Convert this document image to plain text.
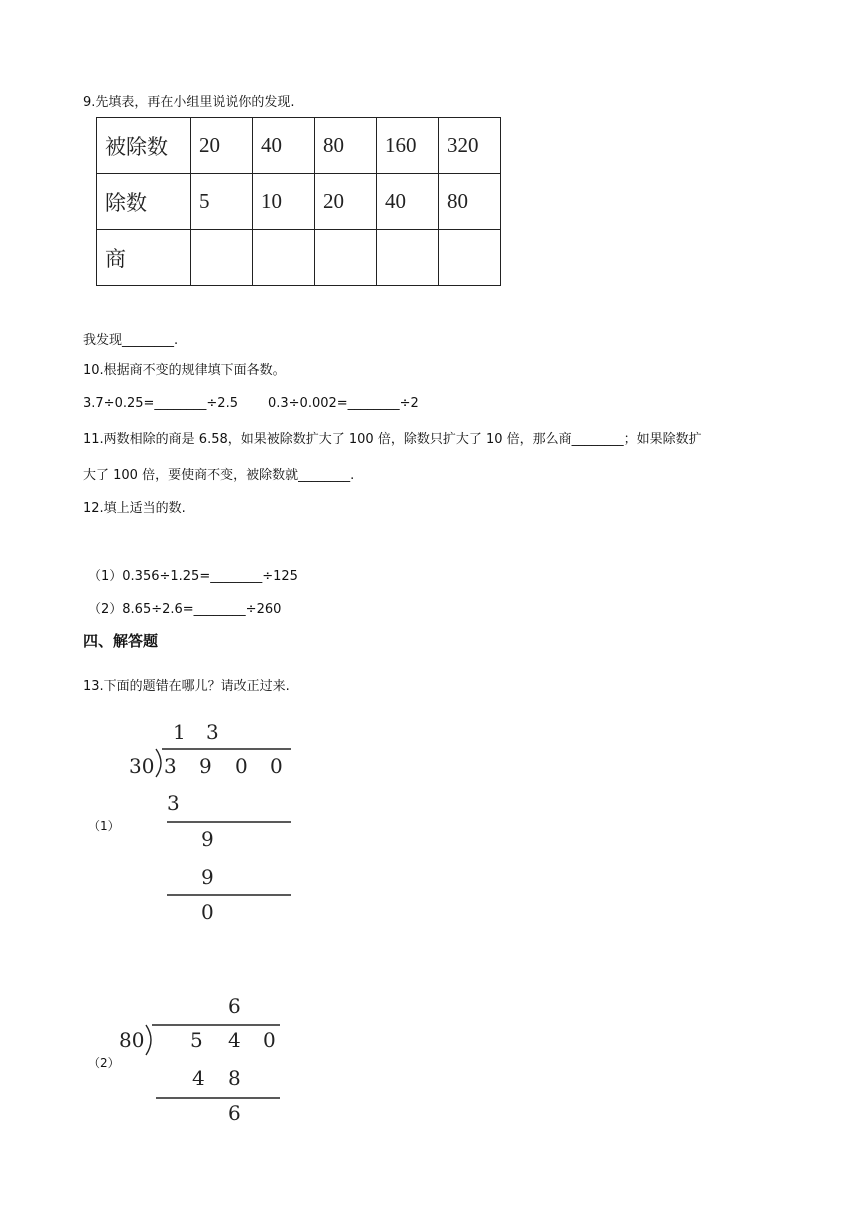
9.先填表，再在小组里说说你的发现.
被除数	20	40	80	160	320
除数	5	10	20	40	80
商					
我发现________.
10.根据商不变的规律填下面各数。
3.7÷0.25=________÷2.5 0.3÷0.002=________÷2
11.两数相除的商是 6.58，如果被除数扩大了 100 倍，除数只扩大了 10 倍，那么商________；如果除数扩
大了 100 倍，要使商不变，被除数就________.
12.填上适当的数.
（1）0.356÷1.25=________÷125
（2）8.65÷2.6=________÷260
四、解答题
13.下面的题错在哪儿？请改正过来.
（1）
（2）
1 3
30 3 9 0 0
3
9
9
0
6
80 5 4 0
4 8
6
